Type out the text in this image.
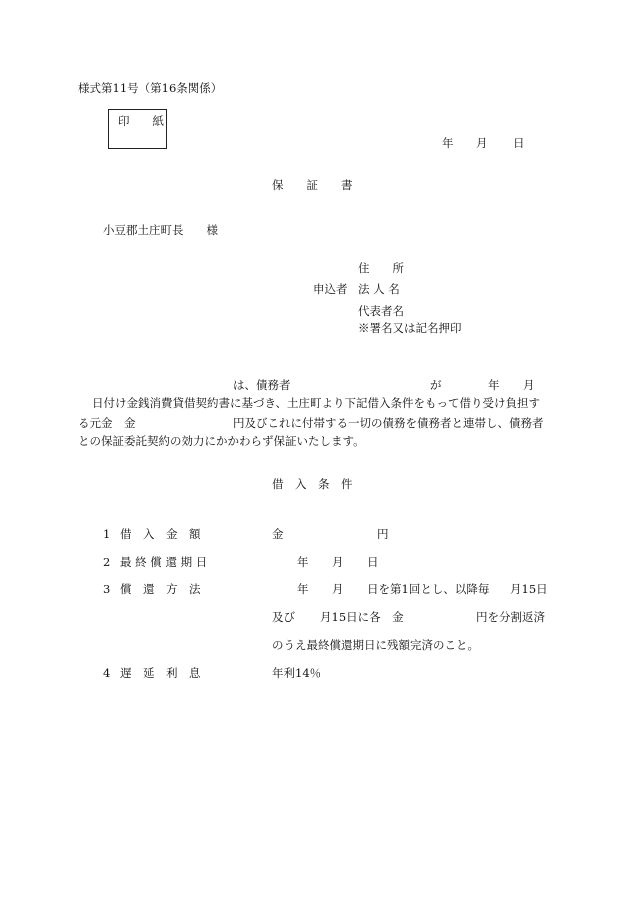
様式第11号（第16条関係）
印　　紙
年 月 日
保　　証　　書
小豆郡土庄町長　　様
住　　所
申込者 法 人 名
代表者名
※署名又は記名押印
は、債務者	が	年 月
日付け金銭消費貸借契約書に基づき、土庄町より下記借入条件をもって借り受け負担す
る元金　金	円及びこれに付帯する一切の債務を債務者と連帯し、債務者
との保証委託契約の効力にかかわらず保証いたします。
借　入　条　件
1 借　入　金　額	金	円
2 最 終 償 還 期 日	年 月 日
3 償　還　方　法	年 月 日を第1回とし、以降毎 月15日
及び 月15日に各　金	円を分割返済
のうえ最終償還期日に残額完済のこと。
4 遅　延　利　息	年利14％
